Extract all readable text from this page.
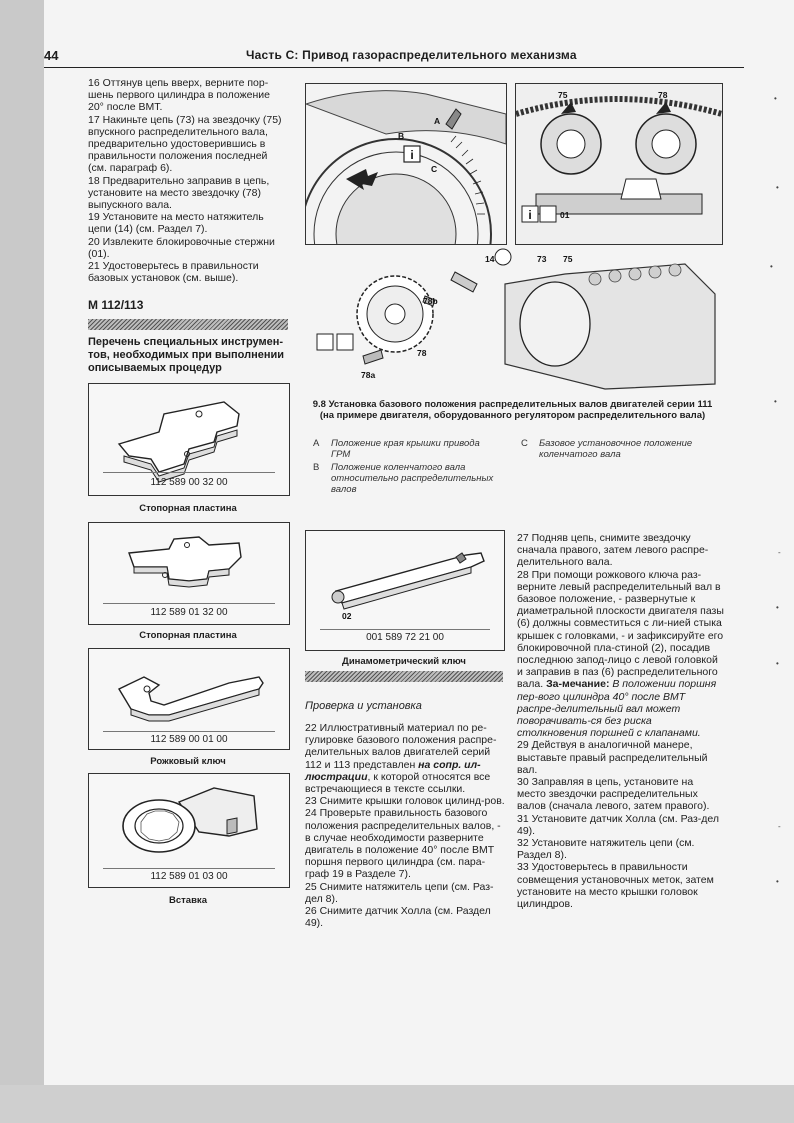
44	Часть С: Привод газораспределительного механизма

16 Оттянув цепь вверх, верните пор-шень первого цилиндра в положение 20° после ВМТ.

17 Накиньте цепь (73) на звездочку (75) впускного распределительного вала, предварительно удостоверившись в правильности положения последней (см. параграф 6).

18 Предварительно заправив в цепь, установите на место звездочку (78) выпускного вала.

19 Установите на место натяжитель цепи (14) (см. Раздел 7).

20 Извлеките блокировочные стержни (01).

21 Удостоверьтесь в правильности базовых установок (см. выше).

М 112/113
Перечень специальных инструмен-тов, необходимых при выполнении описываемых процедур
112 589 00 32 00
Стопорная пластина
112 589 01 32 00
Стопорная пластина
112 589 00 01 00
Рожковый ключ
112 589 01 03 00
Вставка
i
A
B
C
i	01
75	78
14	73 75
78b
78
78a
9.8 Установка базового положения распределительных валов двигателей серии 111 (на примере двигателя, оборудованного регулятором распределительного вала)
A Положение края крышки привода ГРМ
B Положение коленчатого вала относительно распределительных валов
C Базовое установочное положение коленчатого вала
02
001 589 72 21 00
Динамометрический ключ
Проверка и установка

22 Иллюстративный материал по ре-гулировке базового положения распре-делительных валов двигателей серий 112 и 113 представлен на сопр. ил-люстрации, к которой относятся все встречающиеся в тексте ссылки.

23 Снимите крышки головок цилинд-ров.

24 Проверьте правильность базового положения распределительных валов, - в случае необходимости разверните двигатель в положение 40° после ВМТ поршня первого цилиндра (см. пара-граф 19 в Разделе 7).

25 Снимите натяжитель цепи (см. Раз-дел 8).

26 Снимите датчик Холла (см. Раздел 49).

27 Подняв цепь, снимите звездочку сначала правого, затем левого распре-делительного вала.

28 При помощи рожкового ключа раз-верните левый распределительный вал в базовое положение, - развернутые к диаметральной плоскости двигателя пазы (6) должны совместиться с ли-нией стыка крышек с головками, - и зафиксируйте его блокировочной пла-стиной (2), посадив последнюю запод-лицо с левой головкой и заправив в паз (6) распределительного вала. За-мечание: В положении поршня пер-вого цилиндра 40° после ВМТ распре-делительный вал может поворачивать-ся без риска столкновения поршней с клапанами.

29 Действуя в аналогичной манере, выставьте правый распределительный вал.

30 Заправляя в цепь, установите на место звездочки распределительных валов (сначала левого, затем правого).

31 Установите датчик Холла (см. Раз-дел 49).

32 Установите натяжитель цепи (см. Раздел 8).

33 Удостоверьтесь в правильности совмещения установочных меток, затем установите на место крышки головок цилиндров.

•
•
•
•
-
•
•
-
•
